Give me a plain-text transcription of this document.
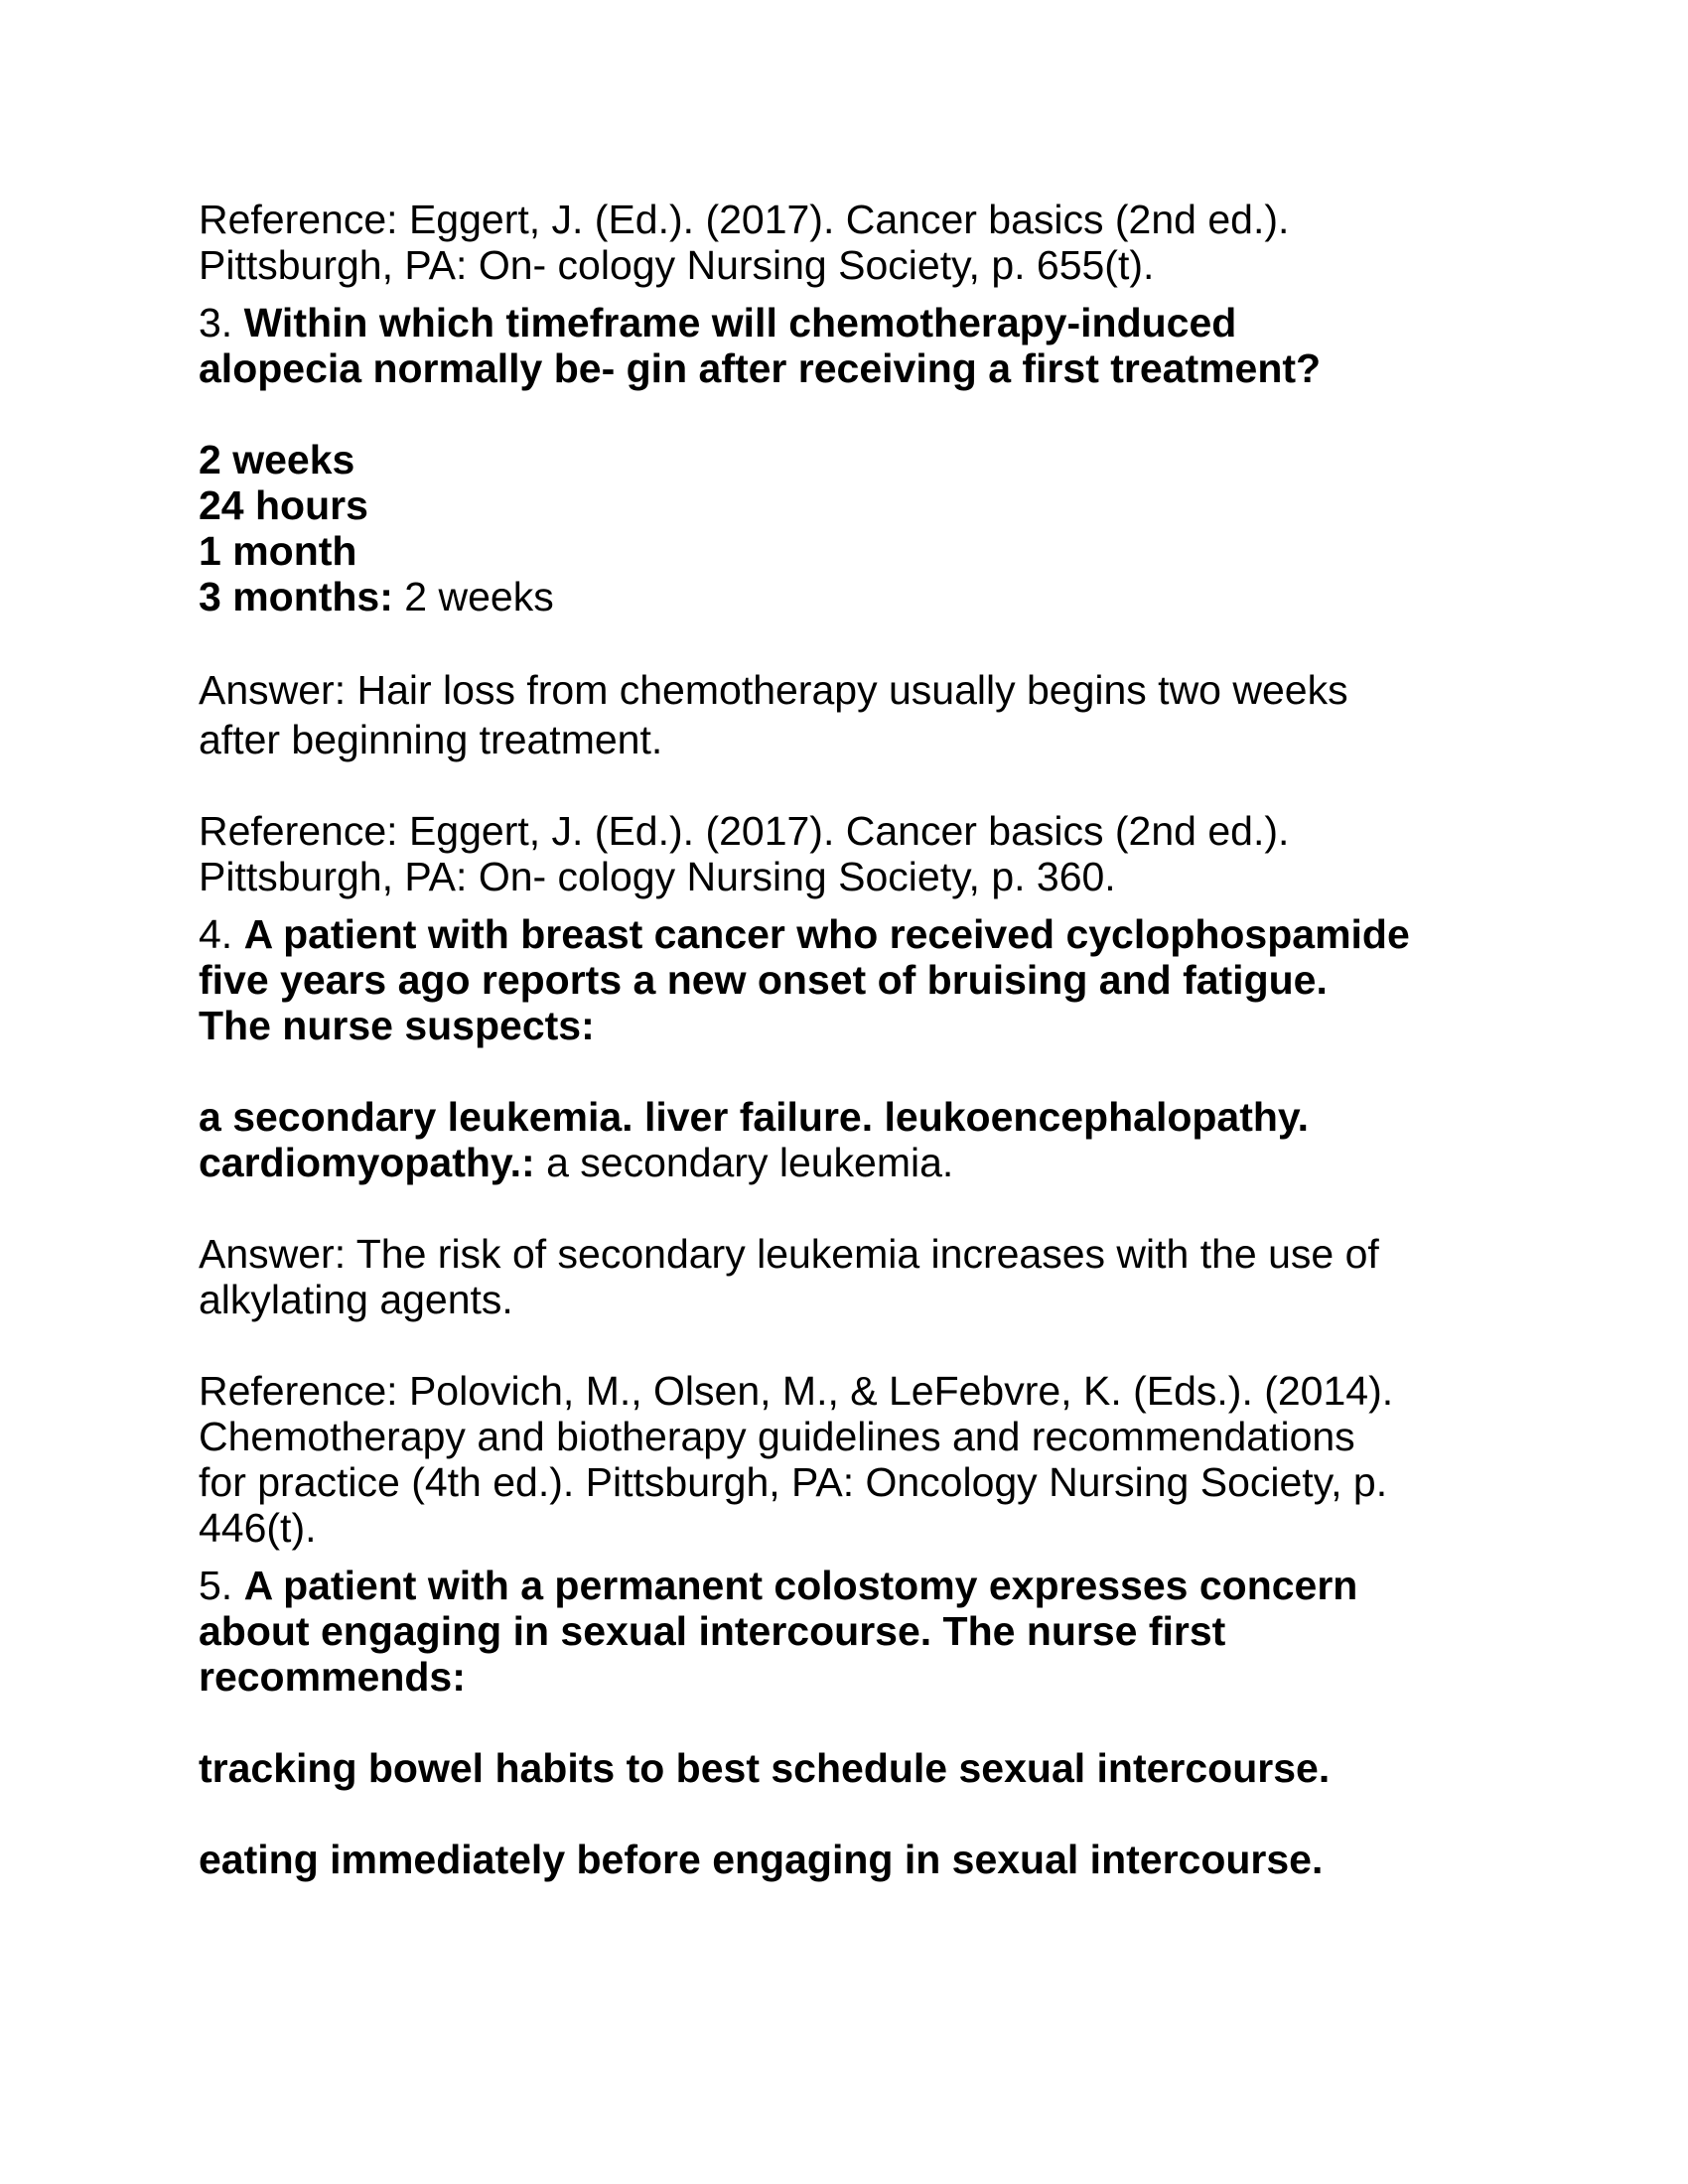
Reference: Eggert, J. (Ed.). (2017). Cancer basics (2nd ed.).
Pittsburgh, PA: On- cology Nursing Society, p. 655(t).

3. Within which timeframe will chemotherapy-induced
alopecia normally be- gin after receiving a first treatment?

2 weeks
24 hours
1 month
3 months: 2 weeks

Answer: Hair loss from chemotherapy usually begins two weeks
after beginning treatment.

Reference: Eggert, J. (Ed.). (2017). Cancer basics (2nd ed.).
Pittsburgh, PA: On- cology Nursing Society, p. 360.

4. A patient with breast cancer who received cyclophospamide
five years ago reports a new onset of bruising and fatigue.
The nurse suspects:

a secondary leukemia. liver failure. leukoencephalopathy.
cardiomyopathy.: a secondary leukemia.

Answer: The risk of secondary leukemia increases with the use of
alkylating agents.

Reference: Polovich, M., Olsen, M., & LeFebvre, K. (Eds.). (2014).
Chemotherapy and biotherapy guidelines and recommendations
for practice (4th ed.). Pittsburgh, PA: Oncology Nursing Society, p.
446(t).

5. A patient with a permanent colostomy expresses concern
about engaging in sexual intercourse. The nurse first
recommends:

tracking bowel habits to best schedule sexual intercourse.

eating immediately before engaging in sexual intercourse.
